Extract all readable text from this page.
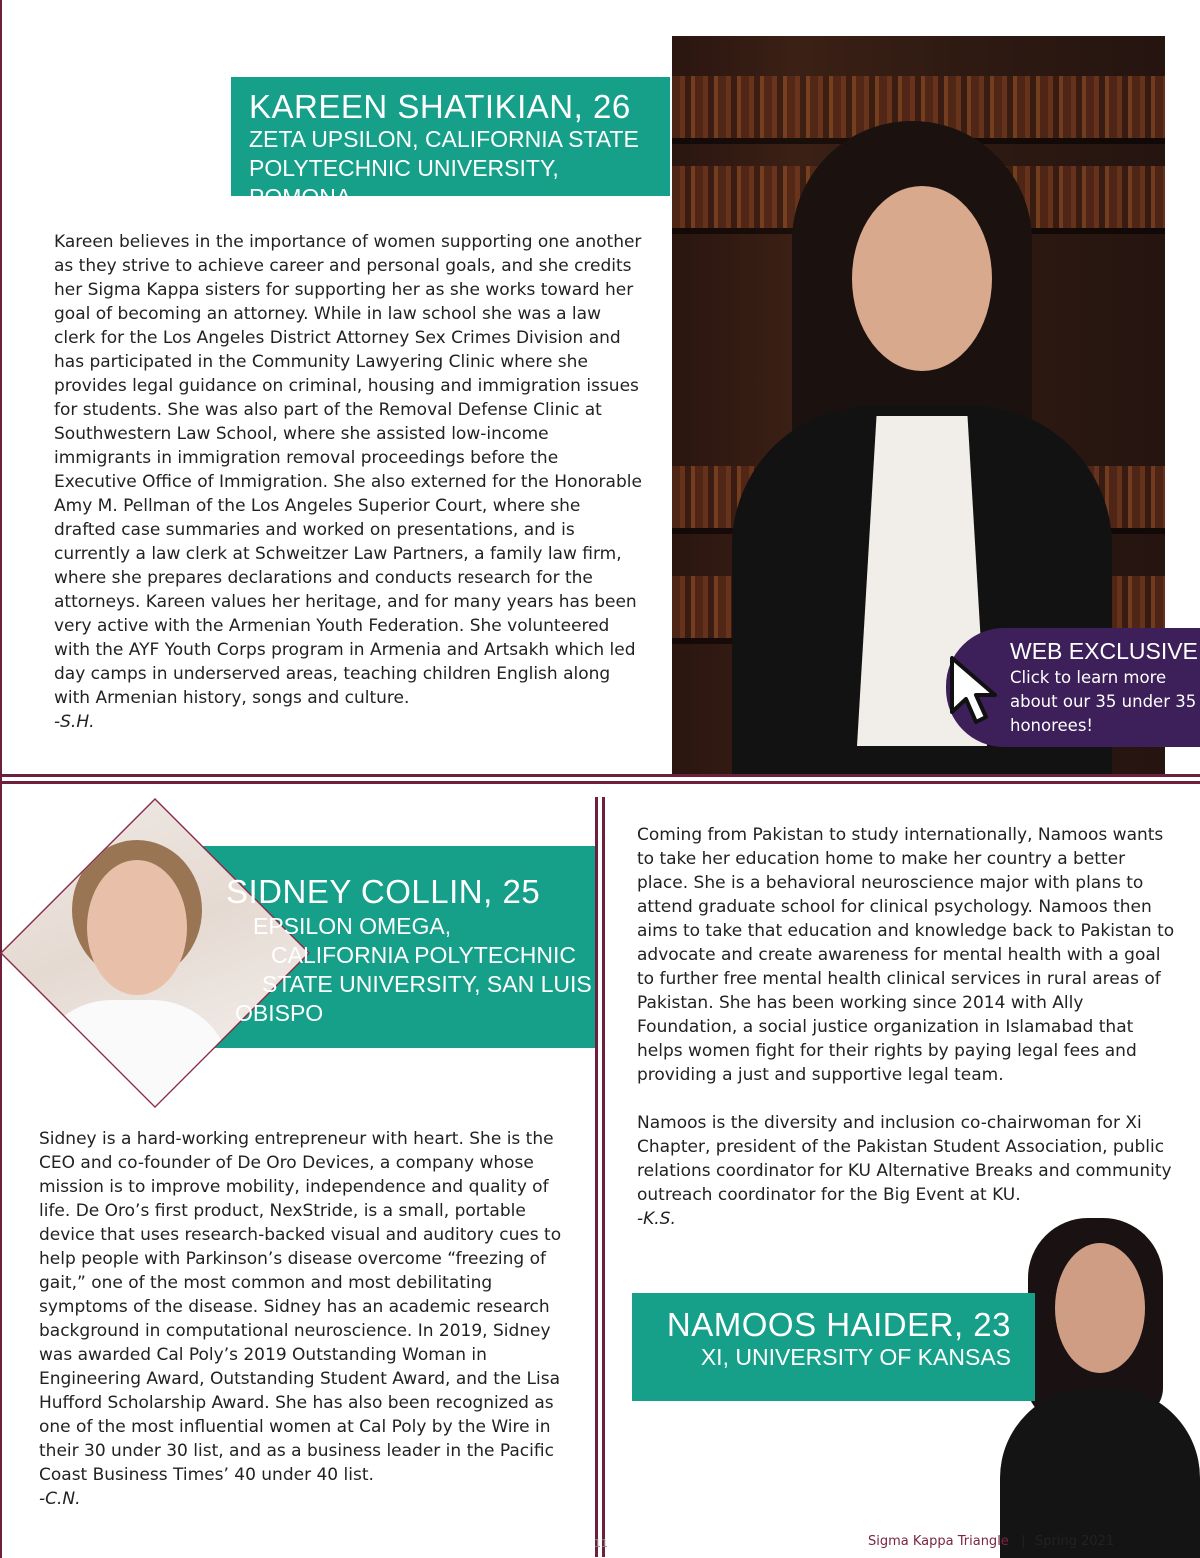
KAREEN SHATIKIAN, 26
ZETA UPSILON, CALIFORNIA STATE
POLYTECHNIC UNIVERSITY, POMONA

Kareen believes in the importance of women supporting one another as they strive to achieve career and personal goals, and she credits her Sigma Kappa sisters for supporting her as she works toward her goal of becoming an attorney. While in law school she was a law clerk for the Los Angeles District Attorney Sex Crimes Division and has participated in the Community Lawyering Clinic where she provides legal guidance on criminal, housing and immigration issues for students. She was also part of the Removal Defense Clinic at Southwestern Law School, where she assisted low-income immigrants in immigration removal proceedings before the Executive Office of Immigration. She also externed for the Honorable Amy M. Pellman of the Los Angeles Superior Court, where she drafted case summaries and worked on presentations, and is currently a law clerk at Schweitzer Law Partners, a family law firm, where she prepares declarations and conducts research for the attorneys. Kareen values her heritage, and for many years has been very active with the Armenian Youth Federation. She volunteered with the AYF Youth Corps program in Armenia and Artsakh which led day camps in underserved areas, teaching children English along with Armenian history, songs and culture.

-S.H.

WEB EXCLUSIVE
Click to learn more about our 35 under 35 honorees!
SIDNEY COLLIN, 25
EPSILON OMEGA,
CALIFORNIA POLYTECHNIC
STATE UNIVERSITY, SAN LUIS
OBISPO

Sidney is a hard-working entrepreneur with heart. She is the CEO and co-founder of De Oro Devices, a company whose mission is to improve mobility, independence and quality of life. De Oro’s first product, NexStride, is a small, portable device that uses research-backed visual and auditory cues to help people with Parkinson’s disease overcome “freezing of gait,” one of the most common and most debilitating symptoms of the disease. Sidney has an academic research background in computational neuroscience. In 2019, Sidney was awarded Cal Poly’s 2019 Outstanding Woman in Engineering Award, Outstanding Student Award, and the Lisa Hufford Scholarship Award. She has also been recognized as one of the most influential women at Cal Poly by the Wire in their 30 under 30 list, and as a business leader in the Pacific Coast Business Times’ 40 under 40 list.

-C.N.

Coming from Pakistan to study internationally, Namoos wants to take her education home to make her country a better place. She is a behavioral neuroscience major with plans to attend graduate school for clinical psychology. Namoos then aims to take that education and knowledge back to Pakistan to advocate and create awareness for mental health with a goal to further free mental health clinical services in rural areas of Pakistan. She has been working since 2014 with Ally Foundation, a social justice organization in Islamabad that helps women fight for their rights by paying legal fees and providing a just and supportive legal team.

Namoos is the diversity and inclusion co-chairwoman for Xi Chapter, president of the Pakistan Student Association, public relations coordinator for KU Alternative Breaks and community outreach coordinator for the Big Event at KU.

-K.S.

NAMOOS HAIDER, 23
XI, UNIVERSITY OF KANSAS
11	Sigma Kappa Triangle | Spring 2021
